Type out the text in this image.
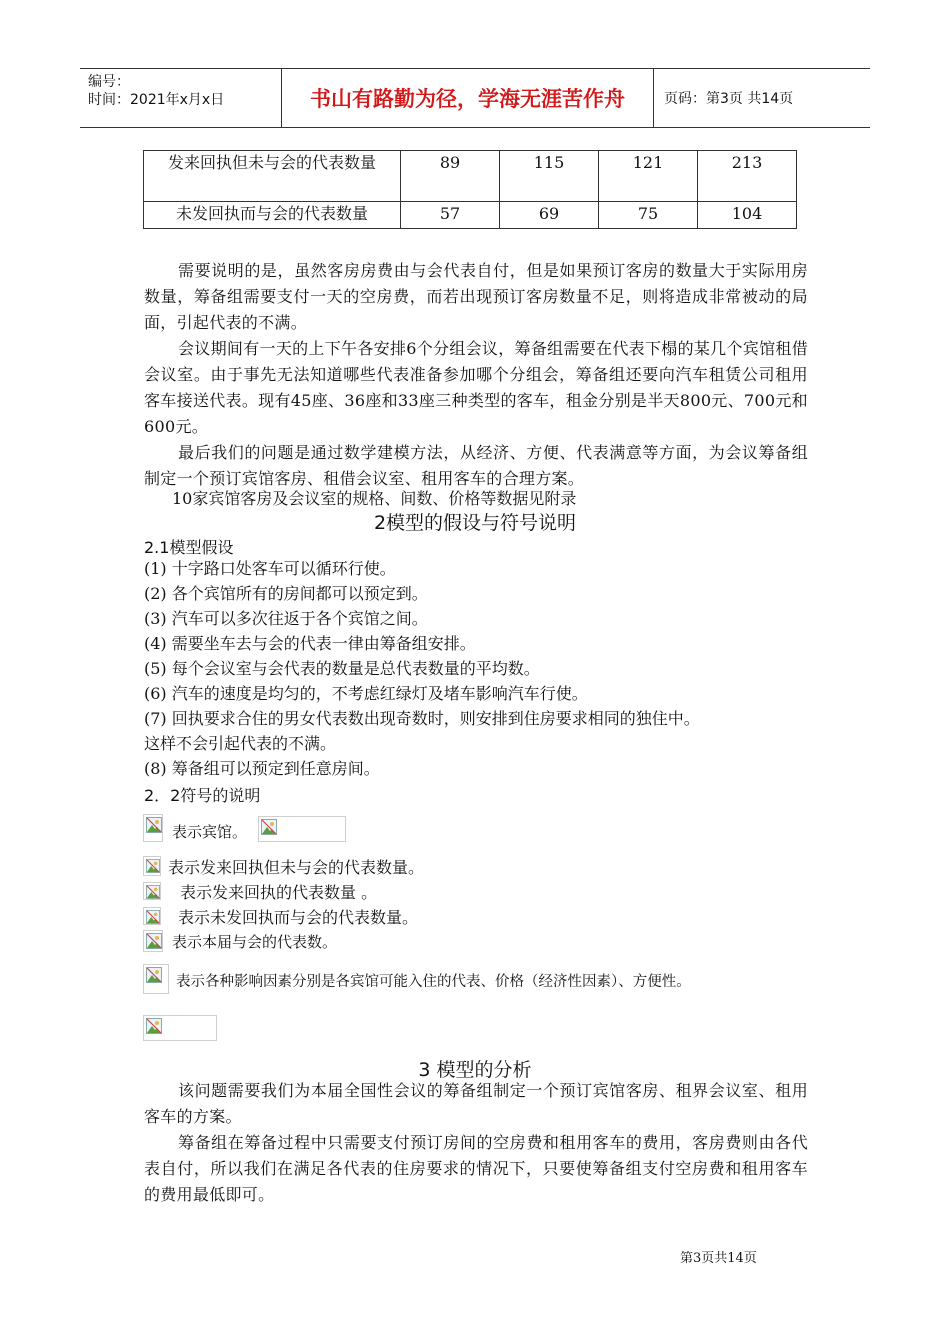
编号：
时间：2021年x月x日	书山有路勤为径，学海无涯苦作舟	页码：第3页 共14页
发来回执但未与会的代表数量	89	115	121	213
未发回执而与会的代表数量	57	69	75	104
需要说明的是，虽然客房房费由与会代表自付，但是如果预订客房的数量大于实际用房数量，筹备组需要支付一天的空房费，而若出现预订客房数量不足，则将造成非常被动的局面，引起代表的不满。
会议期间有一天的上下午各安排6个分组会议，筹备组需要在代表下榻的某几个宾馆租借会议室。由于事先无法知道哪些代表准备参加哪个分组会，筹备组还要向汽车租赁公司租用客车接送代表。现有45座、36座和33座三种类型的客车，租金分别是半天800元、700元和600元。
最后我们的问题是通过数学建模方法，从经济、方便、代表满意等方面，为会议筹备组制定一个预订宾馆客房、租借会议室、租用客车的合理方案。
10家宾馆客房及会议室的规格、间数、价格等数据见附录
2模型的假设与符号说明
2.1模型假设
(1) 十字路口处客车可以循环行使。
(2) 各个宾馆所有的房间都可以预定到。
(3) 汽车可以多次往返于各个宾馆之间。
(4) 需要坐车去与会的代表一律由筹备组安排。
(5) 每个会议室与会代表的数量是总代表数量的平均数。
(6) 汽车的速度是均匀的，不考虑红绿灯及堵车影响汽车行使。
(7) 回执要求合住的男女代表数出现奇数时，则安排到住房要求相同的独住中。
这样不会引起代表的不满。
(8) 筹备组可以预定到任意房间。
2．2符号的说明
表示宾馆。
表示发来回执但未与会的代表数量。
表示发来回执的代表数量 。
表示未发回执而与会的代表数量。
表示本届与会的代表数。
表示各种影响因素分别是各宾馆可能入住的代表、价格（经济性因素）、方便性。
3 模型的分析
该问题需要我们为本届全国性会议的筹备组制定一个预订宾馆客房、租界会议室、租用客车的方案。
筹备组在筹备过程中只需要支付预订房间的空房费和租用客车的费用，客房费则由各代表自付，所以我们在满足各代表的住房要求的情况下，只要使筹备组支付空房费和租用客车的费用最低即可。
第3页共14页
